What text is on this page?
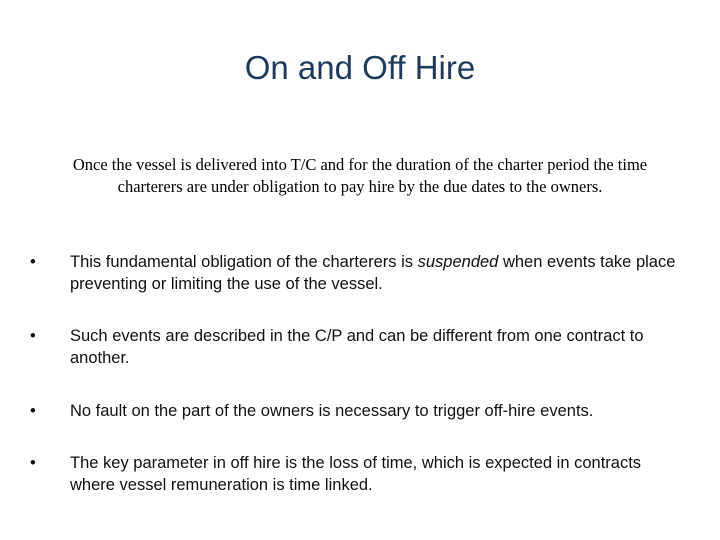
On and Off Hire

Once the vessel is delivered into T/C and for the duration of the charter period the time charterers are under obligation to pay hire by the due dates to the owners.

•	This fundamental obligation of the charterers is suspended when events take place preventing or limiting the use of the vessel.
•	Such events are described in the C/P and can be different from one contract to another.
•	No fault on the part of the owners is necessary to trigger off-hire events.
•	The key parameter in off hire is the loss of time, which is expected in contracts where vessel remuneration is time linked.
